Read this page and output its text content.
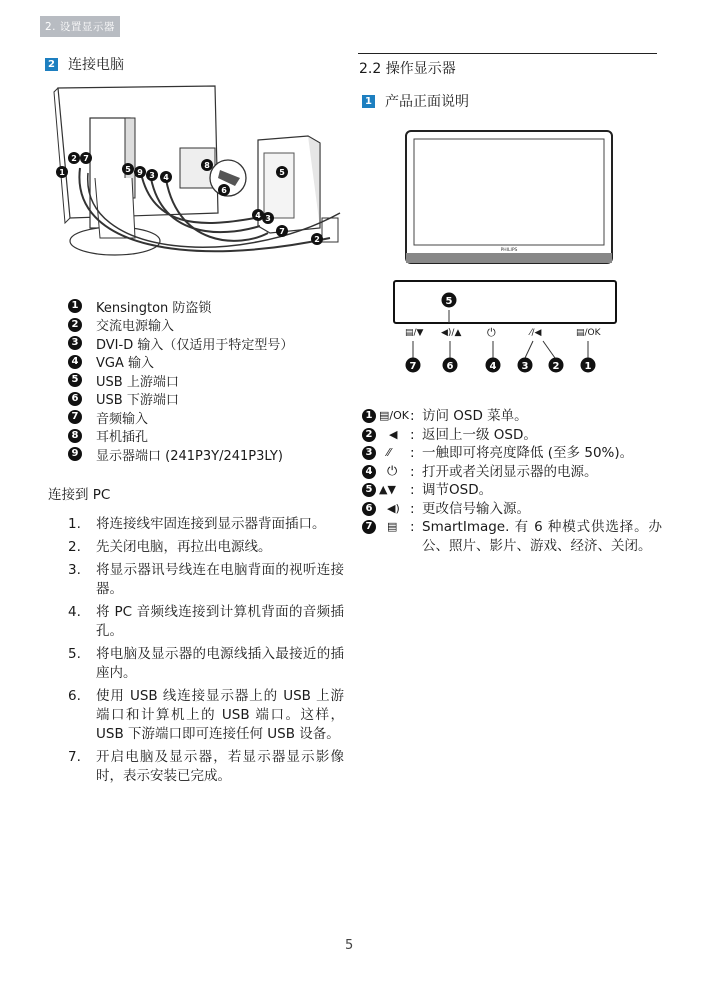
2. 设置显示器
2 连接电脑
1
2 7
5 9 3 4
8
6
5
4 3
7
2
1 Kensington 防盗锁
2 交流电源输入
3 DVI-D 输入（仅适用于特定型号）
4 VGA 输入
5 USB 上游端口
6 USB 下游端口
7 音频输入
8 耳机插孔
9 显示器端口 (241P3Y/241P3LY)
连接到 PC
1.	将连接线牢固连接到显示器背面插口。
2.	先关闭电脑，再拉出电源线。
3.	将显示器讯号线连在电脑背面的视听连接器。
4.	将 PC 音频线连接到计算机背面的音频插孔。
5.	将电脑及显示器的电源线插入最接近的插座内。
6.	使用 USB 线连接显示器上的 USB 上游端口和计算机上的 USB 端口。这样，USB 下游端口即可连接任何 USB 设备。
7.	开启电脑及显示器，若显示器显示影像时，表示安装已完成。
2.2 操作显示器
1 产品正面说明
PHILIPS
5
7	6	4	3 2	1
▤/▼ ◀)/▲ ⏻	⁄/◀	▤/OK
1 ▤/OK : 访问 OSD 菜单。
2	◀ : 返回上一级 OSD。
3	⁄⁄ : 一触即可将亮度降低 (至多 50%)。
4 ⏻ : 打开或者关闭显示器的电源。
5 ▲▼ : 调节OSD。
6	◀) : 更改信号输入源。
7	▤ : SmartImage. 有 6 种模式供选择。办公、照片、影片、游戏、经济、关闭。
5
